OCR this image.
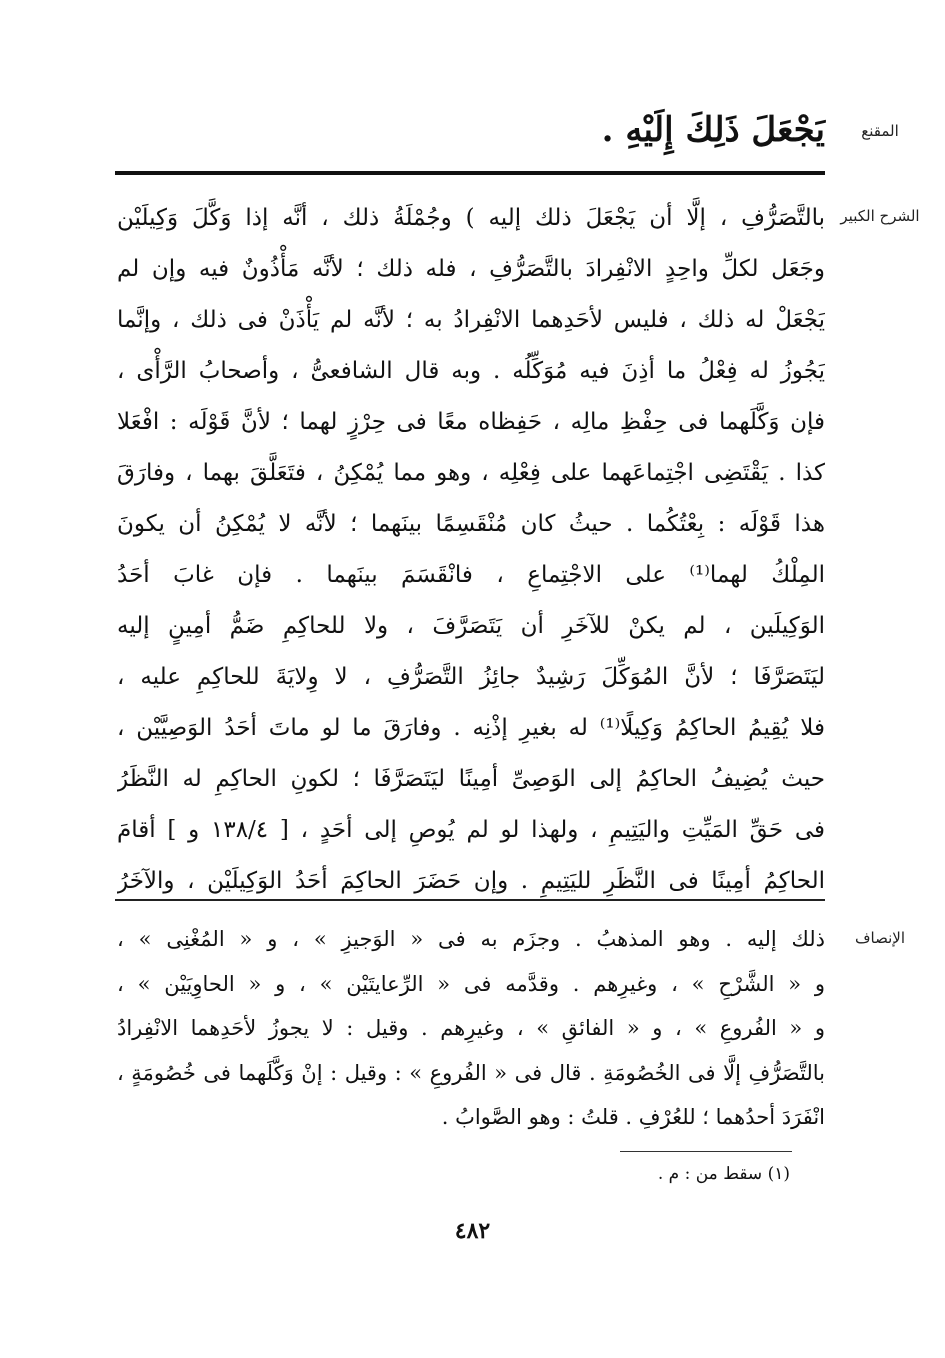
المقنع
يَجْعَلَ ذَلِكَ إِلَيْهِ .
الشرح الكبير
بالتَّصَرُّفِ ، إلَّا أن يَجْعَلَ ذلك إليه ) وجُمْلَةُ ذلك ، أنَّه إذا وَكَّلَ وَكِيلَيْن
وجَعَل لكلِّ واحِدٍ الانْفِرادَ بالتَّصَرُّفِ ، فله ذلك ؛ لأنَّه مَأْذُونٌ فيه وإن لم
يَجْعَلْ له ذلك ، فليس لأحَدِهما الانْفِرادُ به ؛ لأنَّه لم يَأْذَنْ فى ذلك ، وإنَّما
يَجُوزُ له فِعْلُ ما أذِنَ فيه مُوَكِّلُه . وبه قال الشافعىُّ ، وأصحابُ الرَّأْى ،
فإن وَكَّلَهما فى حِفْظِ مالِه ، حَفِظاه معًا فى حِرْزٍ لهما ؛ لأنَّ قَوْلَه : افْعَلا
كذا . يَقْتَضِى اجْتِماعَهما على فِعْلِه ، وهو مما يُمْكِنُ ، فتَعَلَّقَ بهما ، وفارَقَ
هذا قَوْلَه : بِعْتُكُما . حيثُ كان مُنْقَسِمًا بينَهما ؛ لأنَّه لا يُمْكِنُ أن يكونَ
المِلْكُ لهما⁽¹⁾ على الاجْتِماعِ ، فانْقَسَمَ بينَهما . فإن غابَ أحَدُ
الوَكِيلَين ، لم يكنْ للآخَرِ أن يَتَصَرَّفَ ، ولا للحاكِمِ ضَمُّ أمِينٍ إليه
ليَتَصَرَّفَا ؛ لأنَّ المُوَكِّلَ رَشِيدٌ جائِزُ التَّصَرُّفِ ، لا وِلايَةَ للحاكِمِ عليه ،
فلا يُقِيمُ الحاكِمُ وَكِيلًا⁽¹⁾ له بغيرِ إذْنِه . وفارَقَ ما لو ماتَ أحَدُ الوَصِيَّيْن ،
حيث يُضِيفُ الحاكِمُ إلى الوَصِىِّ أمِينًا ليَتَصَرَّفَا ؛ لكونِ الحاكِمِ له النَّظَرُ
فى حَقِّ المَيِّتِ واليَتِيمِ ، ولهذا لو لم يُوصِ إلى أحَدٍ ، [ ١٣٨/٤ و ] أقامَ
الحاكِمُ أمِينًا فى النَّظَرِ لليَتِيمِ . وإن حَضَرَ الحاكِمَ أحَدُ الوَكِيلَيْن ، والآخَرُ
الإنصاف
ذلك إليه . وهو المذهبُ . وجزَم به فى « الوَجيزِ » ، و « المُغْنِى » ،
و « الشَّرْحِ » ، وغيرِهم . وقدَّمه فى « الرِّعايتَيْن » ، و « الحاوِيَيْن » ،
و « الفُروعِ » ، و « الفائقِ » ، وغيرِهم . وقيل : لا يجوزُ لأحَدِهما الانْفِرادُ
بالتَّصَرُّفِ إلَّا فى الخُصُومَةِ . قال فى « الفُروعِ » : وقيل : إنْ وَكَّلَهما فى خُصُومَةٍ ،
انْفَرَدَ أحدُهما ؛ للعُرْفِ . قلتُ : وهو الصَّوابُ .
(١) سقط من : م .
٤٨٢
